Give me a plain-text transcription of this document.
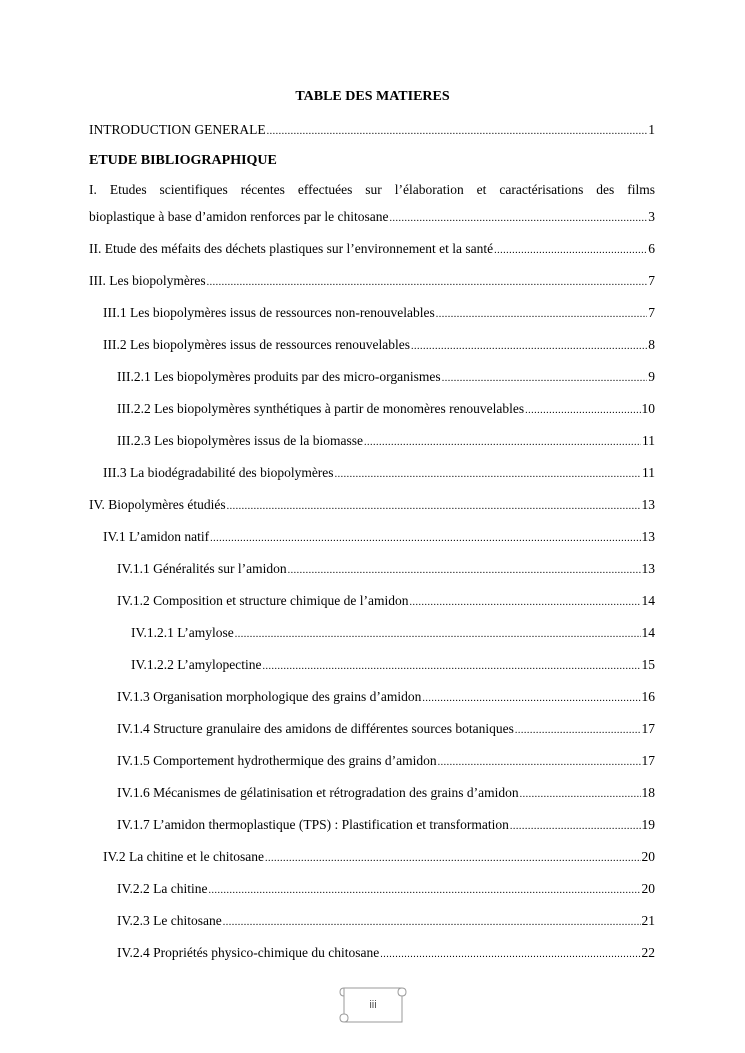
TABLE DES MATIERES
INTRODUCTION GENERALE .....	1
ETUDE BIBLIOGRAPHIQUE
I. Etudes scientifiques récentes effectuées sur l’élaboration et caractérisations des films
bioplastique à base d’amidon renforces par le chitosane .....	3
II. Etude des méfaits des déchets plastiques sur l’environnement et la santé .....	6
III. Les biopolymères .....	7
III.1 Les biopolymères issus de ressources non-renouvelables .....	7
III.2 Les biopolymères issus de ressources renouvelables .....	8
III.2.1 Les biopolymères produits par des micro-organismes .....	9
III.2.2 Les biopolymères synthétiques à partir de monomères renouvelables .....	10
III.2.3 Les biopolymères issus de la biomasse .....	11
III.3 La biodégradabilité des biopolymères .....	11
IV. Biopolymères étudiés .....	13
IV.1 L’amidon natif .....	13
IV.1.1 Généralités sur l’amidon .....	13
IV.1.2 Composition et structure chimique de l’amidon .....	14
IV.1.2.1 L’amylose .....	14
IV.1.2.2 L’amylopectine .....	15
IV.1.3 Organisation morphologique des grains d’amidon .....	16
IV.1.4 Structure granulaire des amidons de différentes sources botaniques .....	17
IV.1.5 Comportement hydrothermique des grains d’amidon .....	17
IV.1.6 Mécanismes de gélatinisation et rétrogradation des grains d’amidon .....	18
IV.1.7 L’amidon thermoplastique (TPS) : Plastification et transformation .....	19
IV.2 La chitine et le chitosane .....	20
IV.2.2 La chitine .....	20
IV.2.3 Le chitosane .....	21
IV.2.4 Propriétés physico-chimique du chitosane .....	22
iii
